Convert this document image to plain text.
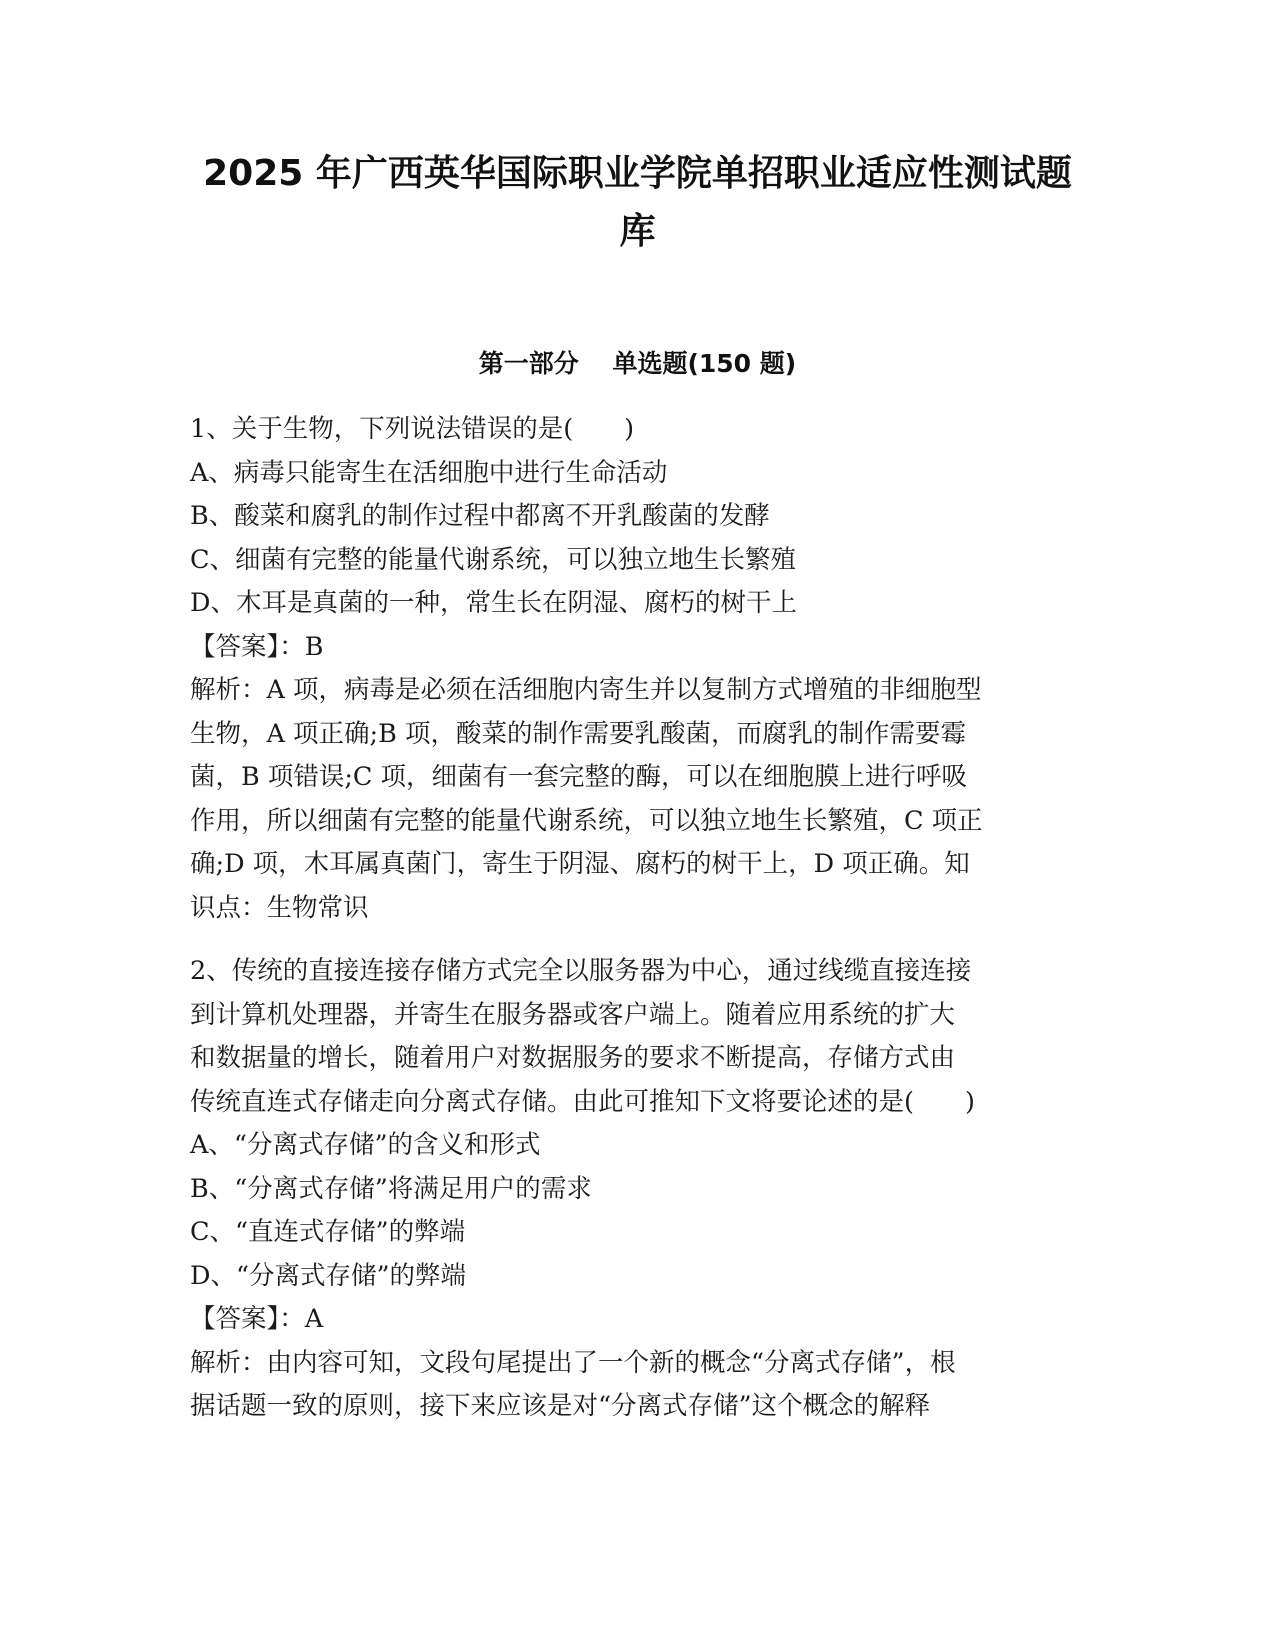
2025 年广西英华国际职业学院单招职业适应性测试题
库
第一部分　 单选题(150 题)

1、关于生物，下列说法错误的是(　　)

A、病毒只能寄生在活细胞中进行生命活动

B、酸菜和腐乳的制作过程中都离不开乳酸菌的发酵

C、细菌有完整的能量代谢系统，可以独立地生长繁殖

D、木耳是真菌的一种，常生长在阴湿、腐朽的树干上

【答案】：B

解析：A 项，病毒是必须在活细胞内寄生并以复制方式增殖的非细胞型

生物，A 项正确;B 项，酸菜的制作需要乳酸菌，而腐乳的制作需要霉

菌，B 项错误;C 项，细菌有一套完整的酶，可以在细胞膜上进行呼吸

作用，所以细菌有完整的能量代谢系统，可以独立地生长繁殖，C 项正

确;D 项，木耳属真菌门，寄生于阴湿、腐朽的树干上，D 项正确。知

识点：生物常识

2、传统的直接连接存储方式完全以服务器为中心，通过线缆直接连接

到计算机处理器，并寄生在服务器或客户端上。随着应用系统的扩大

和数据量的增长，随着用户对数据服务的要求不断提高，存储方式由

传统直连式存储走向分离式存储。由此可推知下文将要论述的是(　　)

A、“分离式存储”的含义和形式

B、“分离式存储”将满足用户的需求

C、“直连式存储”的弊端

D、“分离式存储”的弊端

【答案】：A

解析：由内容可知，文段句尾提出了一个新的概念“分离式存储”，根

据话题一致的原则，接下来应该是对“分离式存储”这个概念的解释
